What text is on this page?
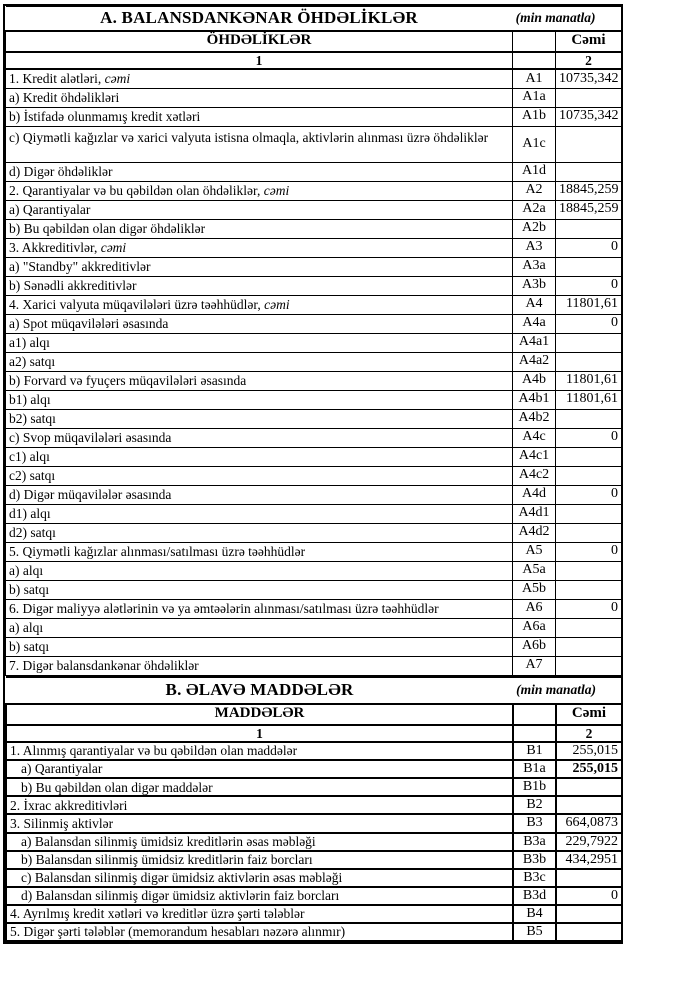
A. BALANSDANKƏNAR ÖHDƏLİKLƏR (min manatla)		

ÖHDƏLİKLƏR		Cəmi
1		2
1. Kredit alətləri, cəmi	A1	10735,342
a) Kredit öhdəlikləri	A1a	
b) İstifadə olunmamış kredit xətləri	A1b	10735,342
c) Qiymətli kağızlar və xarici valyuta istisna olmaqla, aktivlərin alınması üzrə öhdəliklər	A1c	
d) Digər öhdəliklər	A1d	
2. Qarantiyalar və bu qəbildən olan öhdəliklər, cəmi	A2	18845,259
a) Qarantiyalar	A2a	18845,259
b) Bu qəbildən olan digər öhdəliklər	A2b	
3. Akkreditivlər, cəmi	A3	0
a) "Standby" akkreditivlər	A3a	
b) Sənədli akkreditivlər	A3b	0
4. Xarici valyuta müqavilələri üzrə təəhhüdlər, cəmi	A4	11801,61
a) Spot müqavilələri əsasında	A4a	0
a1) alqı	A4a1	
a2) satqı	A4a2	
b) Forvard və fyuçers müqavilələri əsasında	A4b	11801,61
b1) alqı	A4b1	11801,61
b2) satqı	A4b2	
c) Svop müqavilələri əsasında	A4c	0
c1) alqı	A4c1	
c2) satqı	A4c2	
d) Digər müqavilələr əsasında	A4d	0
d1) alqı	A4d1	
d2) satqı	A4d2	
5. Qiymətli kağızlar alınması/satılması üzrə təəhhüdlər	A5	0
a) alqı	A5a	
b) satqı	A5b	
6. Digər maliyyə alətlərinin və ya əmtəələrin alınması/satılması üzrə təəhhüdlər	A6	0
a) alqı	A6a	
b) satqı	A6b	
7. Digər balansdankənar öhdəliklər	A7	
B. ƏLAVƏ MADDƏLƏR (min manatla)		

MADDƏLƏR		Cəmi
1		2
1. Alınmış qarantiyalar və bu qəbildən olan maddələr	B1	255,015
a) Qarantiyalar	B1a	255,015
b) Bu qəbildən olan digər maddələr	B1b	
2. İxrac akkreditivləri	B2	
3. Silinmiş aktivlər	B3	664,0873
a) Balansdan silinmiş ümidsiz kreditlərin əsas məbləği	B3a	229,7922
b) Balansdan silinmiş ümidsiz kreditlərin faiz borcları	B3b	434,2951
c) Balansdan silinmiş digər ümidsiz aktivlərin əsas məbləği	B3c	
d) Balansdan silinmiş digər ümidsiz aktivlərin faiz borcları	B3d	0
4. Ayrılmış kredit xətləri və kreditlər üzrə şərti tələblər	B4	
5. Digər şərti tələblər (memorandum hesabları nəzərə alınmır)	B5	
